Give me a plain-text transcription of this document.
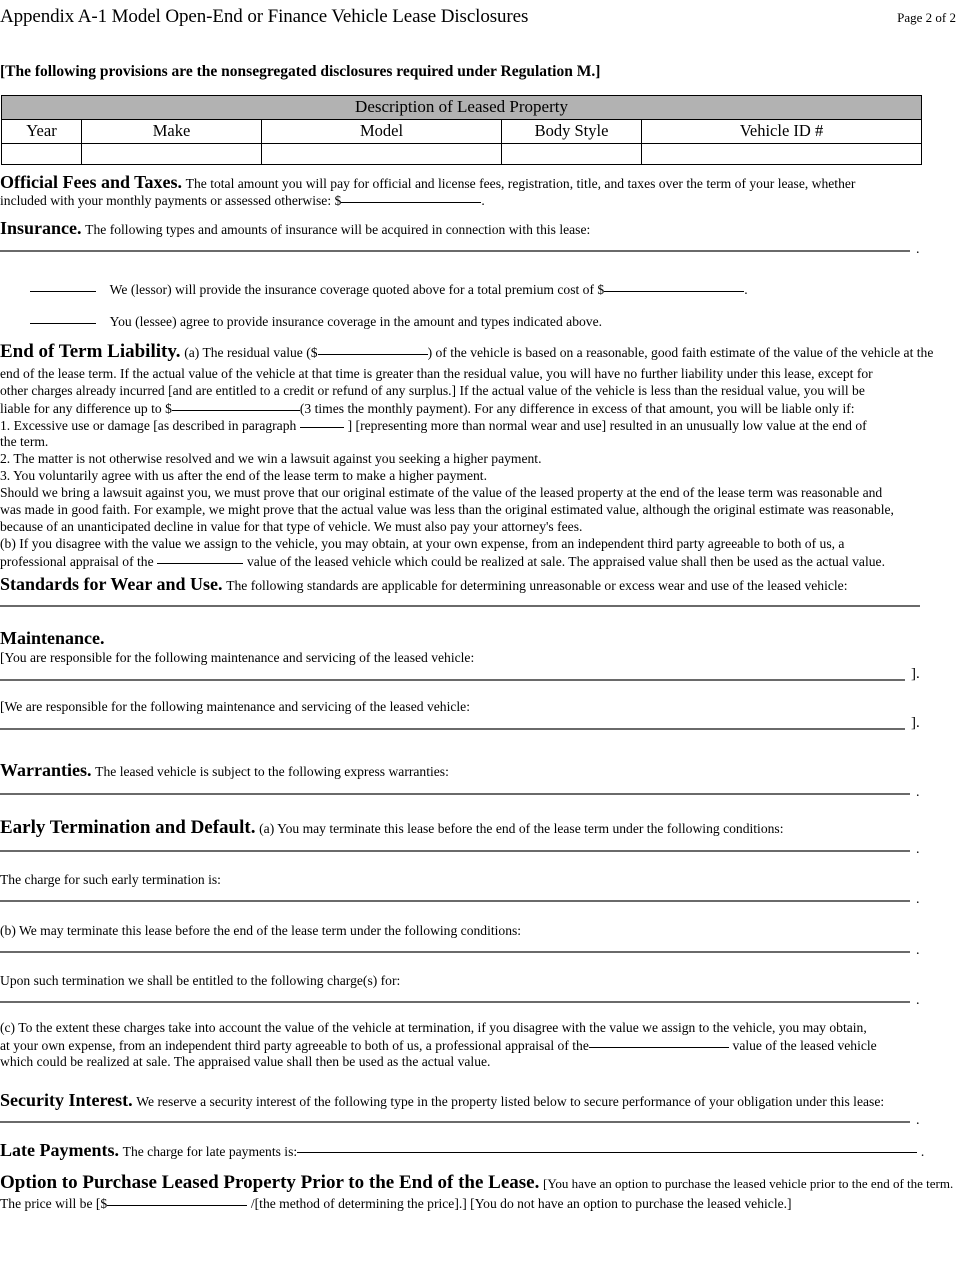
Appendix A-1 Model Open-End or Finance Vehicle Lease Disclosures	Page 2 of 2
[The following provisions are the nonsegregated disclosures required under Regulation M.]
Description of Leased Property				
Year	Make	Model	Body Style	Vehicle ID #

Official Fees and Taxes. The total amount you will pay for official and license fees, registration, title, and taxes over the term of your lease, whether
included with your monthly payments or assessed otherwise: $	.
Insurance. The following types and amounts of insurance will be acquired in connection with this lease:
.
We (lessor) will provide the insurance coverage quoted above for a total premium cost of $	.
You (lessee) agree to provide insurance coverage in the amount and types indicated above.
End of Term Liability. (a) The residual value ($	) of the vehicle is based on a reasonable, good faith estimate of the value of the vehicle at the
end of the lease term. If the actual value of the vehicle at that time is greater than the residual value, you will have no further liability under this lease, except for
other charges already incurred [and are entitled to a credit or refund of any surplus.] If the actual value of the vehicle is less than the residual value, you will be
liable for any difference up to $	(3 times the monthly payment). For any difference in excess of that amount, you will be liable only if:
1. Excessive use or damage [as described in paragraph	] [representing more than normal wear and use] resulted in an unusually low value at the end of
the term.
2. The matter is not otherwise resolved and we win a lawsuit against you seeking a higher payment.
3. You voluntarily agree with us after the end of the lease term to make a higher payment.
Should we bring a lawsuit against you, we must prove that our original estimate of the value of the leased property at the end of the lease term was reasonable and
was made in good faith. For example, we might prove that the actual value was less than the original estimated value, although the original estimate was reasonable,
because of an unanticipated decline in value for that type of vehicle. We must also pay your attorney's fees.
(b) If you disagree with the value we assign to the vehicle, you may obtain, at your own expense, from an independent third party agreeable to both of us, a
professional appraisal of the	value of the leased vehicle which could be realized at sale. The appraised value shall then be used as the actual value.
Standards for Wear and Use. The following standards are applicable for determining unreasonable or excess wear and use of the leased vehicle:
Maintenance.
[You are responsible for the following maintenance and servicing of the leased vehicle:
].
[We are responsible for the following maintenance and servicing of the leased vehicle:
].
Warranties. The leased vehicle is subject to the following express warranties:
.
Early Termination and Default. (a) You may terminate this lease before the end of the lease term under the following conditions:
.
The charge for such early termination is:
.
(b) We may terminate this lease before the end of the lease term under the following conditions:
.
Upon such termination we shall be entitled to the following charge(s) for:
.
(c) To the extent these charges take into account the value of the vehicle at termination, if you disagree with the value we assign to the vehicle, you may obtain,
at your own expense, from an independent third party agreeable to both of us, a professional appraisal of the	value of the leased vehicle
which could be realized at sale. The appraised value shall then be used as the actual value.
Security Interest. We reserve a security interest of the following type in the property listed below to secure performance of your obligation under this lease:
.
Late Payments. The charge for late payments is:	.
Option to Purchase Leased Property Prior to the End of the Lease. [You have an option to purchase the leased vehicle prior to the end of the term.
The price will be [$	/[the method of determining the price].] [You do not have an option to purchase the leased vehicle.]
